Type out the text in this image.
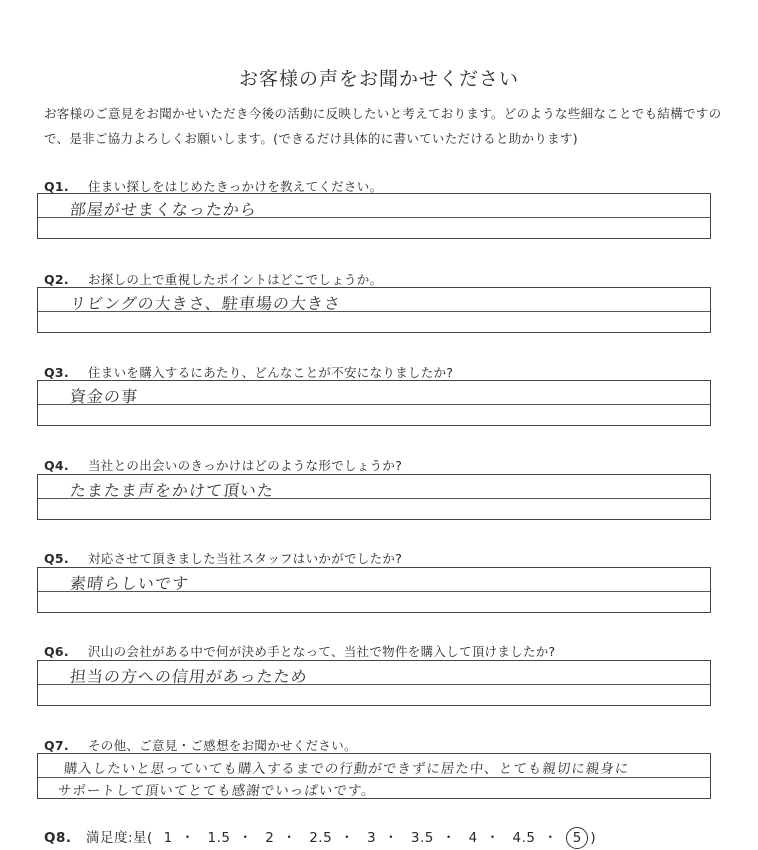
お客様の声をお聞かせください
お客様のご意見をお聞かせいただき今後の活動に反映したいと考えております。どのような些細なことでも結構ですので、是非ご協力よろしくお願いします。(できるだけ具体的に書いていただけると助かります)
Q1. 住まい探しをはじめたきっかけを教えてください。
部屋がせまくなったから
Q2. お探しの上で重視したポイントはどこでしょうか。
リビングの大きさ、駐車場の大きさ
Q3. 住まいを購入するにあたり、どんなことが不安になりましたか?
資金の事
Q4. 当社との出会いのきっかけはどのような形でしょうか?
たまたま声をかけて頂いた
Q5. 対応させて頂きました当社スタッフはいかがでしたか?
素晴らしいです
Q6. 沢山の会社がある中で何が決め手となって、当社で物件を購入して頂けましたか?
担当の方への信用があったため
Q7. その他、ご意見・ご感想をお聞かせください。
購入したいと思っていても購入するまでの行動ができずに居た中、とても親切に親身に
サポートして頂いてとても感謝でいっぱいです。
Q8. 満足度:星( 1 ・ 1.5 ・ 2 ・ 2.5 ・ 3 ・ 3.5 ・ 4 ・ 4.5 ・ 5 )
